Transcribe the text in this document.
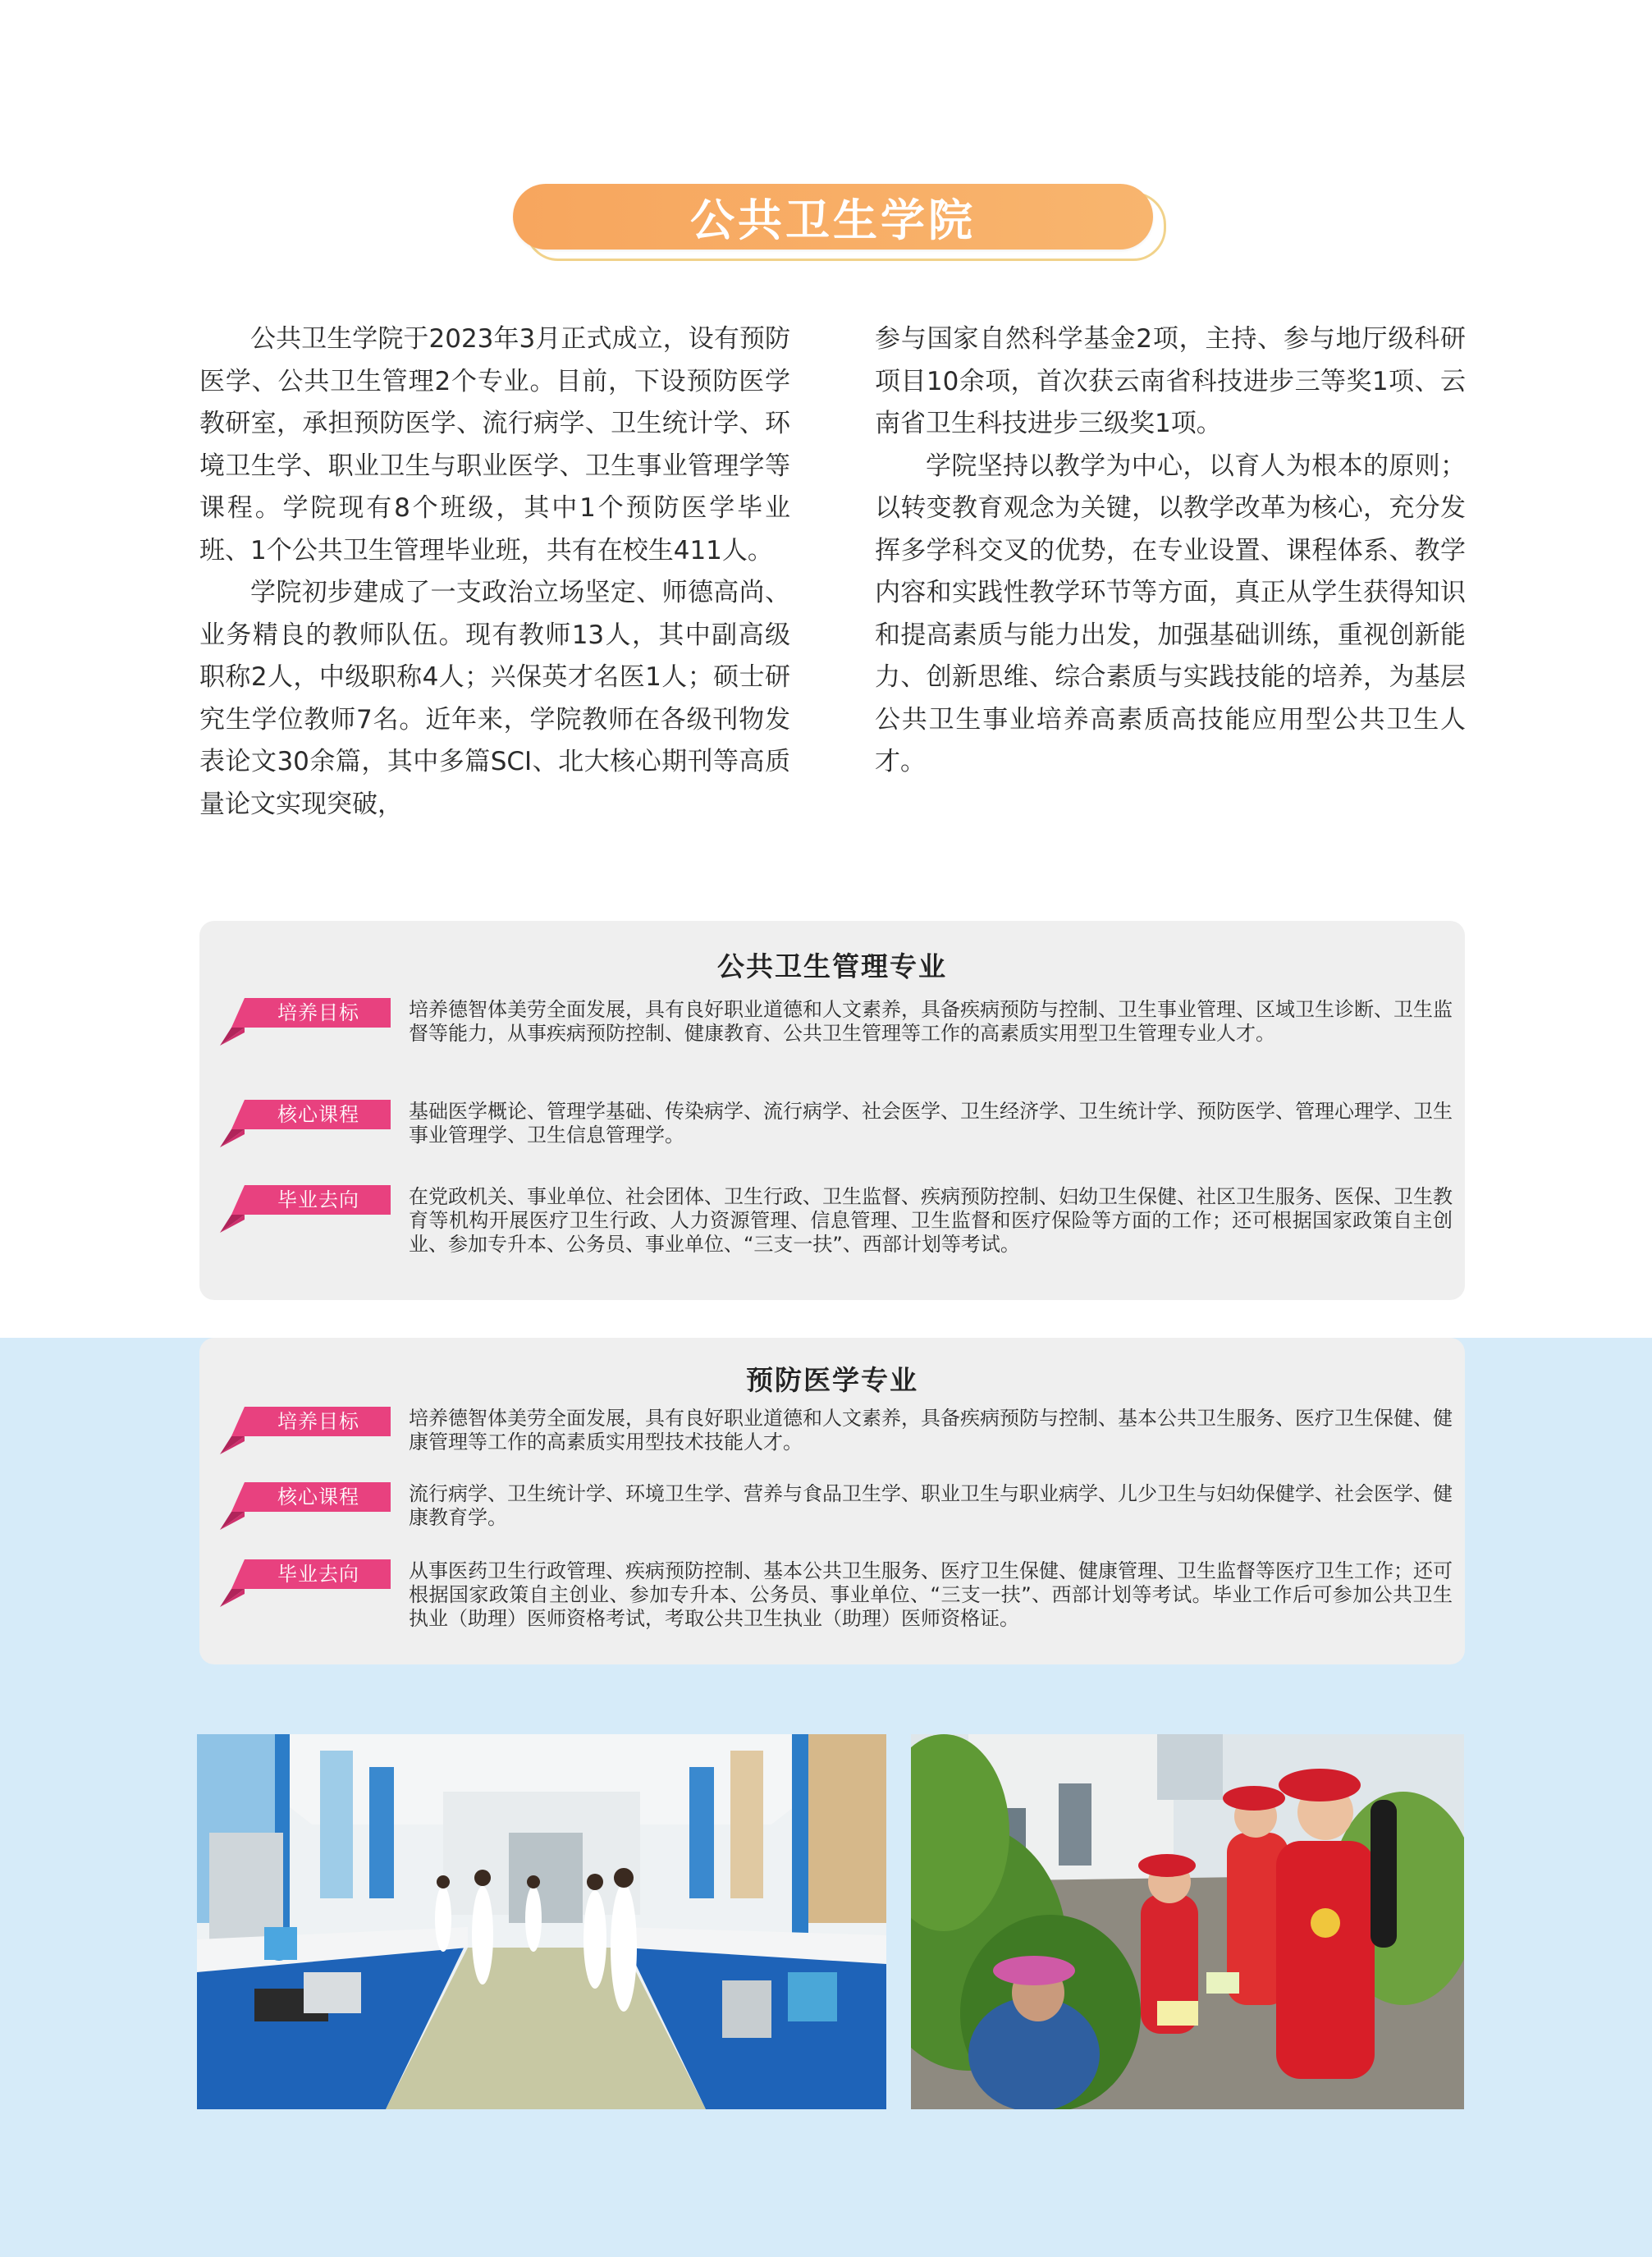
公共卫生学院

公共卫生学院于2023年3月正式成立，设有预防医学、公共卫生管理2个专业。目前，下设预防医学教研室，承担预防医学、流行病学、卫生统计学、环境卫生学、职业卫生与职业医学、卫生事业管理学等课程。学院现有8个班级，其中1个预防医学毕业班、1个公共卫生管理毕业班，共有在校生411人。

学院初步建成了一支政治立场坚定、师德高尚、业务精良的教师队伍。现有教师13人，其中副高级职称2人，中级职称4人；兴保英才名医1人；硕士研究生学位教师7名。近年来，学院教师在各级刊物发表论文30余篇，其中多篇SCI、北大核心期刊等高质量论文实现突破，

参与国家自然科学基金2项，主持、参与地厅级科研项目10余项，首次获云南省科技进步三等奖1项、云南省卫生科技进步三级奖1项。

学院坚持以教学为中心，以育人为根本的原则；以转变教育观念为关键，以教学改革为核心，充分发挥多学科交叉的优势，在专业设置、课程体系、教学内容和实践性教学环节等方面，真正从学生获得知识和提高素质与能力出发，加强基础训练，重视创新能力、创新思维、综合素质与实践技能的培养，为基层公共卫生事业培养高素质高技能应用型公共卫生人才。

公共卫生管理专业
培养目标	培养德智体美劳全面发展，具有良好职业道德和人文素养，具备疾病预防与控制、卫生事业管理、区域卫生诊断、卫生监督等能力，从事疾病预防控制、健康教育、公共卫生管理等工作的高素质实用型卫生管理专业人才。
核心课程	基础医学概论、管理学基础、传染病学、流行病学、社会医学、卫生经济学、卫生统计学、预防医学、管理心理学、卫生事业管理学、卫生信息管理学。
毕业去向	在党政机关、事业单位、社会团体、卫生行政、卫生监督、疾病预防控制、妇幼卫生保健、社区卫生服务、医保、卫生教育等机构开展医疗卫生行政、人力资源管理、信息管理、卫生监督和医疗保险等方面的工作；还可根据国家政策自主创业、参加专升本、公务员、事业单位、“三支一扶”、西部计划等考试。
预防医学专业
培养目标	培养德智体美劳全面发展，具有良好职业道德和人文素养，具备疾病预防与控制、基本公共卫生服务、医疗卫生保健、健康管理等工作的高素质实用型技术技能人才。
核心课程	流行病学、卫生统计学、环境卫生学、营养与食品卫生学、职业卫生与职业病学、儿少卫生与妇幼保健学、社会医学、健康教育学。
毕业去向	从事医药卫生行政管理、疾病预防控制、基本公共卫生服务、医疗卫生保健、健康管理、卫生监督等医疗卫生工作；还可根据国家政策自主创业、参加专升本、公务员、事业单位、“三支一扶”、西部计划等考试。毕业工作后可参加公共卫生执业（助理）医师资格考试，考取公共卫生执业（助理）医师资格证。
